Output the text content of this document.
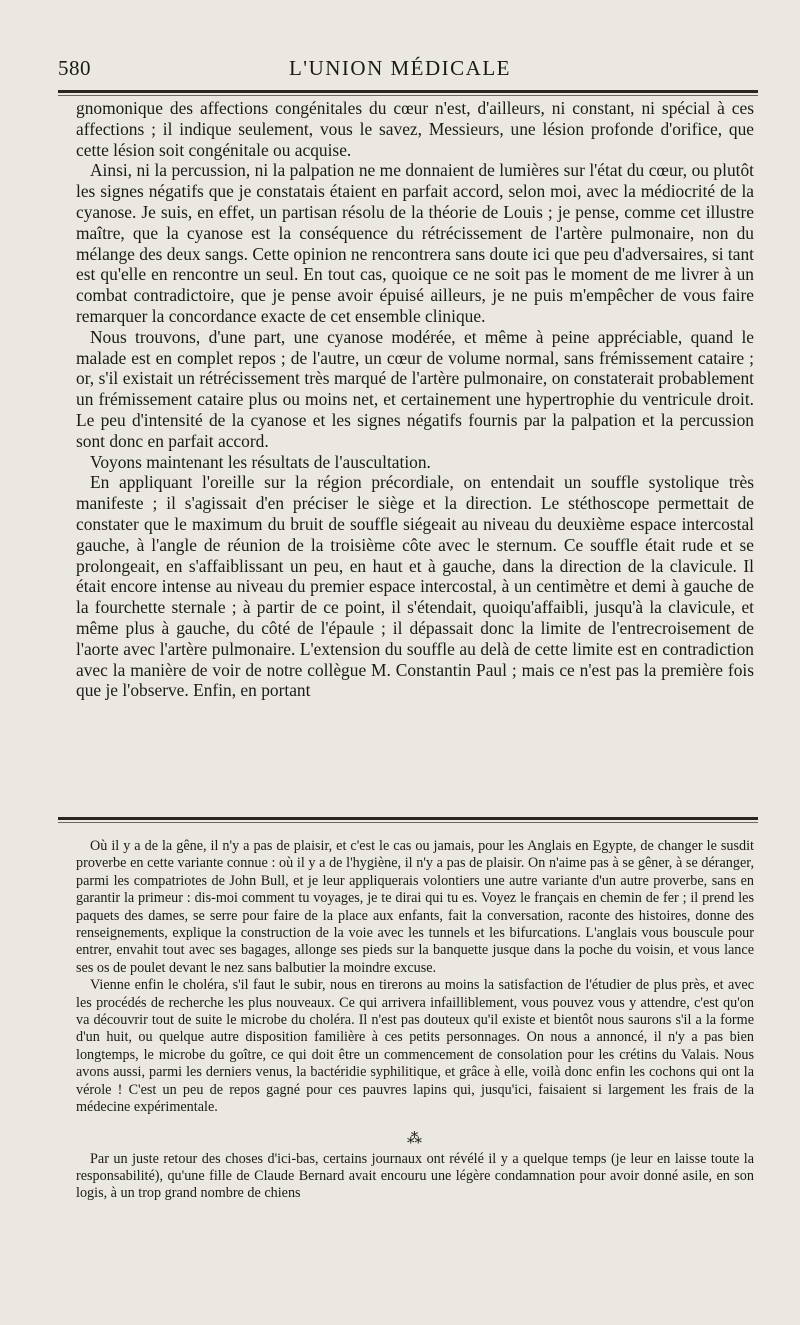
580	L'UNION MÉDICALE

gnomonique des affections congénitales du cœur n'est, d'ailleurs, ni constant, ni spécial à ces affections ; il indique seulement, vous le savez, Messieurs, une lésion profonde d'orifice, que cette lésion soit congénitale ou acquise.

Ainsi, ni la percussion, ni la palpation ne me donnaient de lumières sur l'état du cœur, ou plutôt les signes négatifs que je constatais étaient en parfait accord, selon moi, avec la médiocrité de la cyanose. Je suis, en effet, un partisan résolu de la théorie de Louis ; je pense, comme cet illustre maître, que la cyanose est la conséquence du rétrécissement de l'artère pulmonaire, non du mélange des deux sangs. Cette opinion ne rencontrera sans doute ici que peu d'adversaires, si tant est qu'elle en rencontre un seul. En tout cas, quoique ce ne soit pas le moment de me livrer à un combat contradictoire, que je pense avoir épuisé ailleurs, je ne puis m'empêcher de vous faire remarquer la concordance exacte de cet ensemble clinique.

Nous trouvons, d'une part, une cyanose modérée, et même à peine appréciable, quand le malade est en complet repos ; de l'autre, un cœur de volume normal, sans frémissement cataire ; or, s'il existait un rétrécissement très marqué de l'artère pulmonaire, on constaterait probablement un frémissement cataire plus ou moins net, et certainement une hypertrophie du ventricule droit. Le peu d'intensité de la cyanose et les signes négatifs fournis par la palpation et la percussion sont donc en parfait accord.

Voyons maintenant les résultats de l'auscultation.

En appliquant l'oreille sur la région précordiale, on entendait un souffle systolique très manifeste ; il s'agissait d'en préciser le siège et la direction. Le stéthoscope permettait de constater que le maximum du bruit de souffle siégeait au niveau du deuxième espace intercostal gauche, à l'angle de réunion de la troisième côte avec le sternum. Ce souffle était rude et se prolongeait, en s'affaiblissant un peu, en haut et à gauche, dans la direction de la clavicule. Il était encore intense au niveau du premier espace intercostal, à un centimètre et demi à gauche de la fourchette sternale ; à partir de ce point, il s'étendait, quoiqu'affaibli, jusqu'à la clavicule, et même plus à gauche, du côté de l'épaule ; il dépassait donc la limite de l'entrecroisement de l'aorte avec l'artère pulmonaire. L'extension du souffle au delà de cette limite est en contradiction avec la manière de voir de notre collègue M. Constantin Paul ; mais ce n'est pas la première fois que je l'observe. Enfin, en portant

Où il y a de la gêne, il n'y a pas de plaisir, et c'est le cas ou jamais, pour les Anglais en Egypte, de changer le susdit proverbe en cette variante connue : où il y a de l'hygiène, il n'y a pas de plaisir. On n'aime pas à se gêner, à se déranger, parmi les compatriotes de John Bull, et je leur appliquerais volontiers une autre variante d'un autre proverbe, sans en garantir la primeur : dis-moi comment tu voyages, je te dirai qui tu es. Voyez le français en chemin de fer ; il prend les paquets des dames, se serre pour faire de la place aux enfants, fait la conversation, raconte des histoires, donne des renseignements, explique la construction de la voie avec les tunnels et les bifurcations. L'anglais vous bouscule pour entrer, envahit tout avec ses bagages, allonge ses pieds sur la banquette jusque dans la poche du voisin, et vous lance ses os de poulet devant le nez sans balbutier la moindre excuse.

Vienne enfin le choléra, s'il faut le subir, nous en tirerons au moins la satisfaction de l'étudier de plus près, et avec les procédés de recherche les plus nouveaux. Ce qui arrivera infailliblement, vous pouvez vous y attendre, c'est qu'on va découvrir tout de suite le microbe du choléra. Il n'est pas douteux qu'il existe et bientôt nous saurons s'il a la forme d'un huit, ou quelque autre disposition familière à ces petits personnages. On nous a annoncé, il n'y a pas bien longtemps, le microbe du goître, ce qui doit être un commencement de consolation pour les crétins du Valais. Nous avons aussi, parmi les derniers venus, la bactéridie syphilitique, et grâce à elle, voilà donc enfin les cochons qui ont la vérole ! C'est un peu de repos gagné pour ces pauvres lapins qui, jusqu'ici, faisaient si largement les frais de la médecine expérimentale.

⁂

Par un juste retour des choses d'ici-bas, certains journaux ont révélé il y a quelque temps (je leur en laisse toute la responsabilité), qu'une fille de Claude Bernard avait encouru une légère condamnation pour avoir donné asile, en son logis, à un trop grand nombre de chiens
